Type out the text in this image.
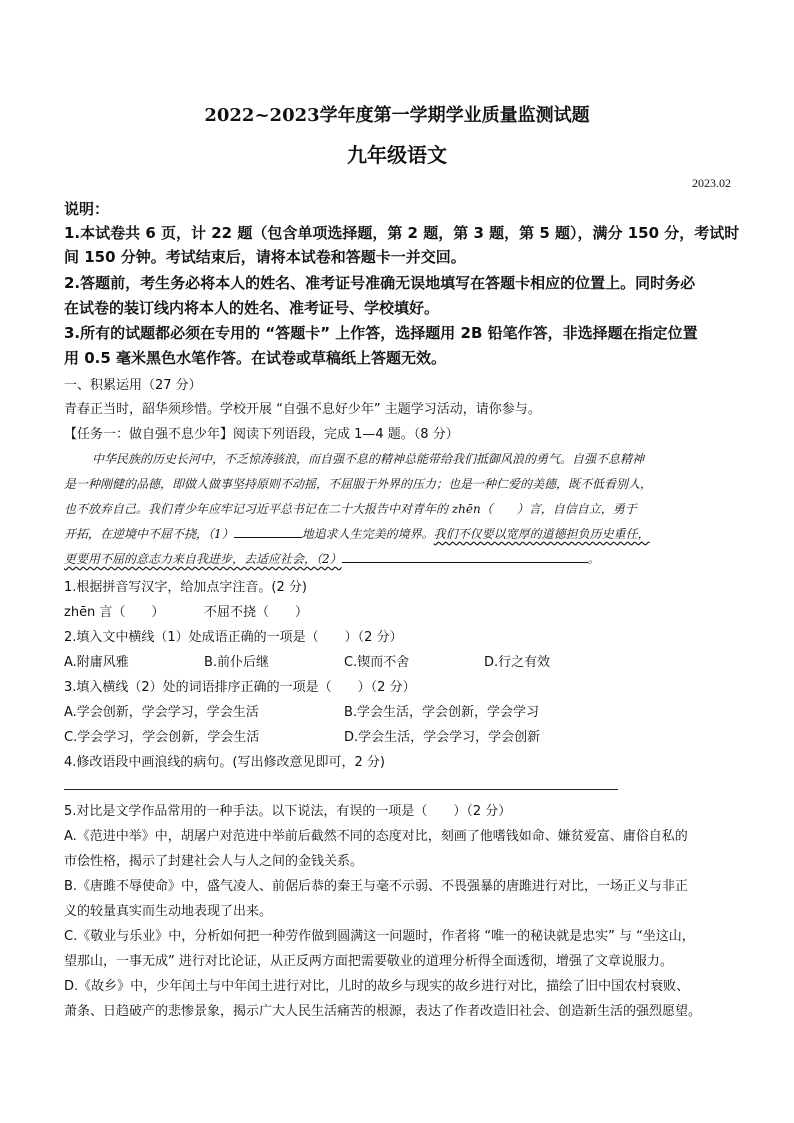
2022~2023学年度第一学期学业质量监测试题
九年级语文
2023.02
说明：
1.本试卷共 6 页，计 22 题（包含单项选择题，第 2 题，第 3 题，第 5 题），满分 150 分，考试时
间 150 分钟。考试结束后，请将本试卷和答题卡一并交回。
2.答题前，考生务必将本人的姓名、准考证号准确无误地填写在答题卡相应的位置上。同时务必
在试卷的装订线内将本人的姓名、准考证号、学校填好。
3.所有的试题都必须在专用的 “答题卡” 上作答，选择题用 2B 铅笔作答，非选择题在指定位置
用 0.5 毫米黑色水笔作答。在试卷或草稿纸上答题无效。
一、积累运用（27 分）
青春正当时，韶华须珍惜。学校开展 “自强不息好少年” 主题学习活动，请你参与。
【任务一：做自强不息少年】阅读下列语段，完成 1—4 题。（8 分）
中华民族的历史长河中，不乏惊涛骇浪，而自强不息的精神总能带给我们抵御风浪的勇气。自强不息精神
是一种刚健的品德，即做人做事坚持原则不动摇，不屈服于外界的压力；也是一种仁爱的美德，既不低看别人，
也不放弃自己。我们青少年应牢记习近平总书记在二十大报告中对青年的 zhēn（　　）言，自信自立，勇于
开拓，在逆境中不屈不挠，（1）	地追求人生完美的境界。我们不仅要以宽厚的道德担负历史重任，
更要用不屈的意志力来自我进步，去适应社会，（2）	。
1.根据拼音写汉字，给加点字注音。(2 分)
zhēn 言（　　）	不屈不挠（　　）
2.填入文中横线（1）处成语正确的一项是（　　）（2 分）
A.附庸风雅	B.前仆后继	C.锲而不舍	D.行之有效
3.填入横线（2）处的词语排序正确的一项是（　　）（2 分）
A.学会创新，学会学习，学会生活	B.学会生活，学会创新，学会学习
C.学会学习，学会创新，学会生活	D.学会生活，学会学习，学会创新
4.修改语段中画浪线的病句。(写出修改意见即可，2 分)
5.对比是文学作品常用的一种手法。以下说法，有误的一项是（　　）（2 分）
A.《范进中举》中，胡屠户对范进中举前后截然不同的态度对比，刻画了他嗜钱如命、嫌贫爱富、庸俗自私的
市侩性格，揭示了封建社会人与人之间的金钱关系。
B.《唐雎不辱使命》中，盛气凌人、前倨后恭的秦王与毫不示弱、不畏强暴的唐雎进行对比，一场正义与非正
义的较量真实而生动地表现了出来。
C.《敬业与乐业》中，分析如何把一种劳作做到圆满这一问题时，作者将 “唯一的秘诀就是忠实” 与 “坐这山，
望那山，一事无成” 进行对比论证，从正反两方面把需要敬业的道理分析得全面透彻，增强了文章说服力。
D.《故乡》中，少年闰土与中年闰土进行对比，儿时的故乡与现实的故乡进行对比，描绘了旧中国农村衰败、
萧条、日趋破产的悲惨景象，揭示广大人民生活痛苦的根源，表达了作者改造旧社会、创造新生活的强烈愿望。
